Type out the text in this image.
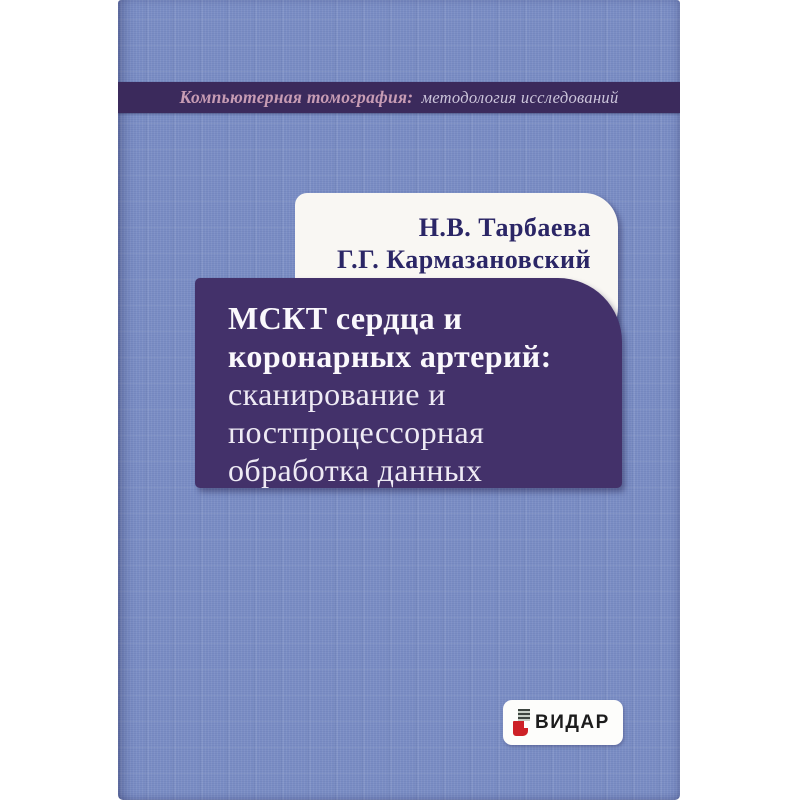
Компьютерная томография: методология исследований
Н.В. Тарбаева
Г.Г. Кармазановский
МСКТ сердца и
коронарных артерий:
сканирование и
постпроцессорная
обработка данных
ВИДАР
